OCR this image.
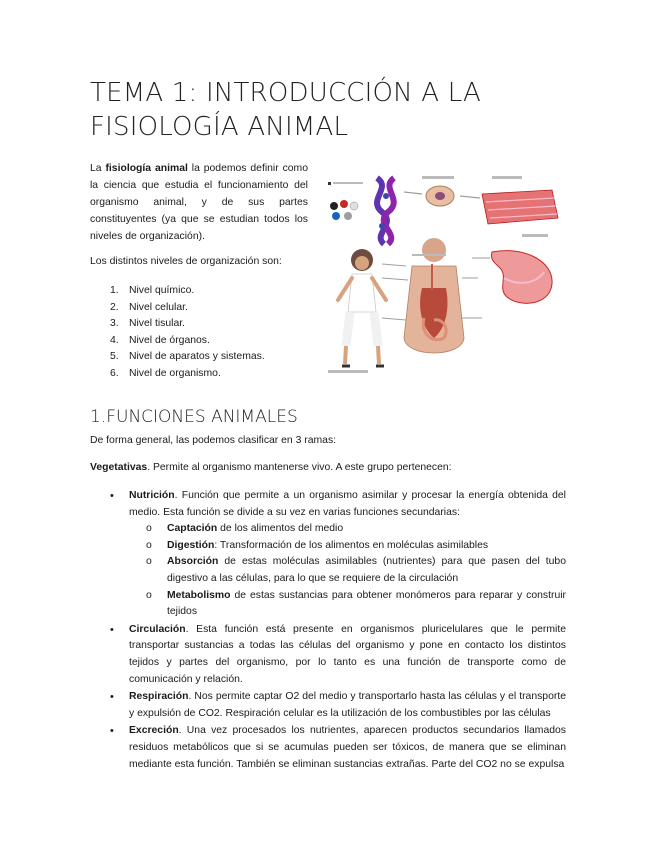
TEMA 1: INTRODUCCIÓN A LA FISIOLOGÍA ANIMAL
La fisiología animal la podemos definir como la ciencia que estudia el funcionamiento del organismo animal, y de sus partes constituyentes (ya que se estudian todos los niveles de organización).
Los distintos niveles de organización son:
1. Nivel químico.
2. Nivel celular.
3. Nivel tisular.
4. Nivel de órganos.
5. Nivel de aparatos y sistemas.
6. Nivel de organismo.
1.FUNCIONES ANIMALES
De forma general, las podemos clasificar en 3 ramas:
Vegetativas. Permite al organismo mantenerse vivo. A este grupo pertenecen:
• Nutrición. Función que permite a un organismo asimilar y procesar la energía obtenida del medio. Esta función se divide a su vez en varias funciones secundarias:
o Captación de los alimentos del medio
o Digestión: Transformación de los alimentos en moléculas asimilables
o Absorción de estas moléculas asimilables (nutrientes) para que pasen del tubo digestivo a las células, para lo que se requiere de la circulación
o Metabolismo de estas sustancias para obtener monómeros para reparar y construir tejidos
• Circulación. Esta función está presente en organismos pluricelulares que le permite transportar sustancias a todas las células del organismo y pone en contacto los distintos tejidos y partes del organismo, por lo tanto es una función de transporte como de comunicación y relación.
• Respiración. Nos permite captar O2 del medio y transportarlo hasta las células y el transporte y expulsión de CO2. Respiración celular es la utilización de los combustibles por las células
• Excreción. Una vez procesados los nutrientes, aparecen productos secundarios llamados residuos metabólicos que si se acumulas pueden ser tóxicos, de manera que se eliminan mediante esta función. También se eliminan sustancias extrañas. Parte del CO2 no se expulsa
